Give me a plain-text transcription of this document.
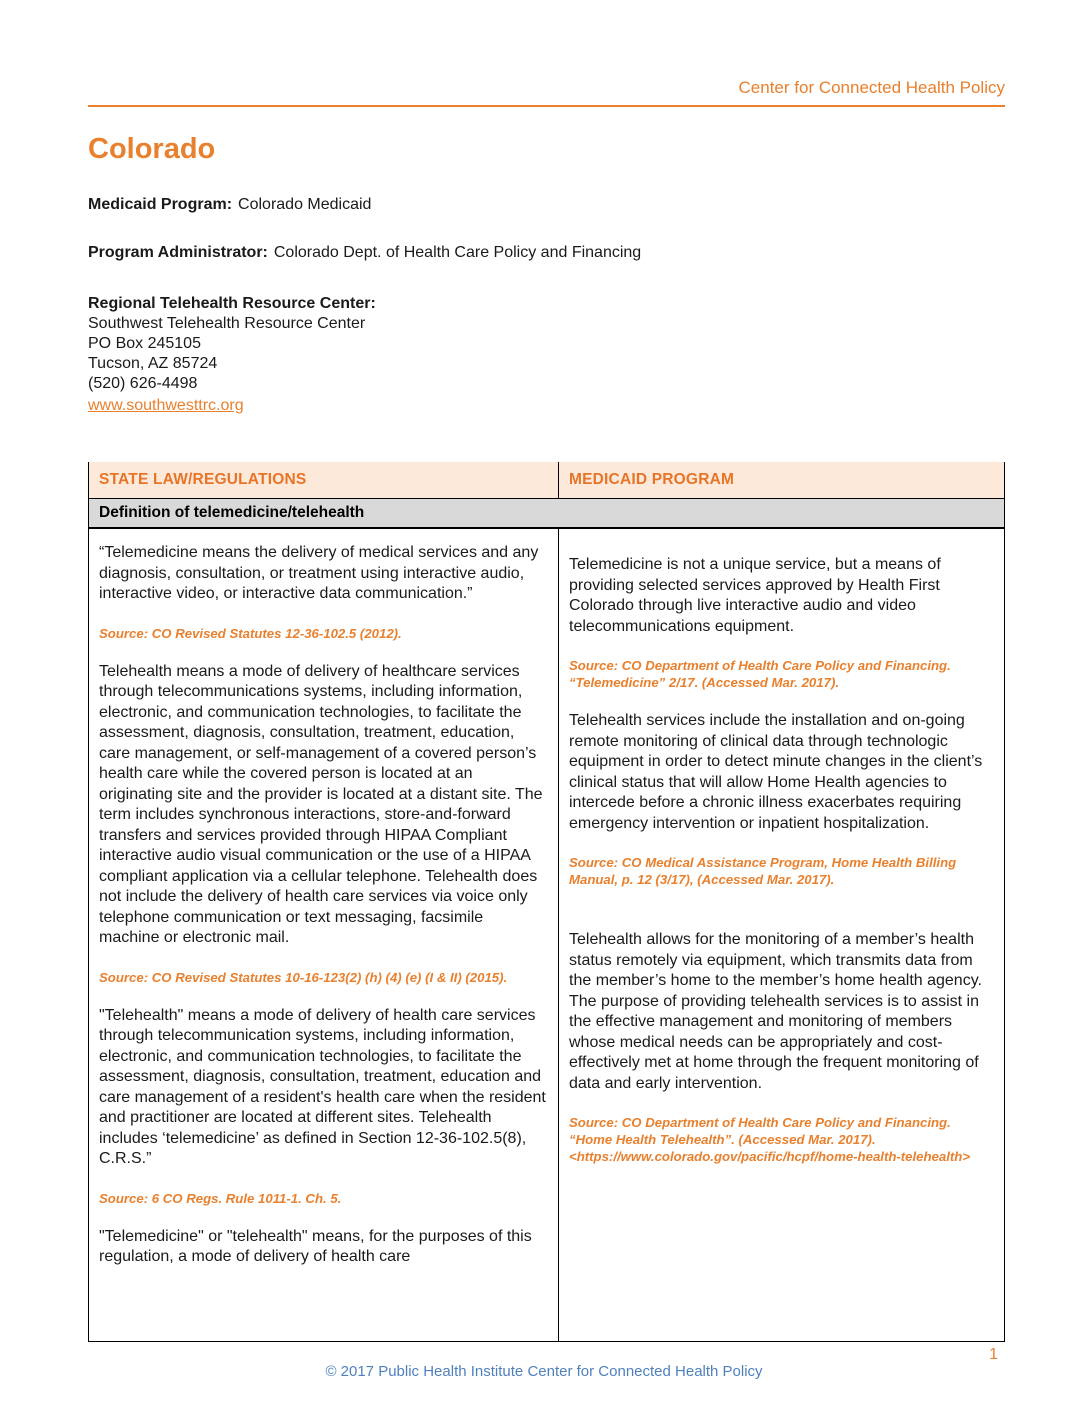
Center for Connected Health Policy
Colorado

Medicaid Program: Colorado Medicaid

Program Administrator: Colorado Dept. of Health Care Policy and Financing

Regional Telehealth Resource Center:
Southwest Telehealth Resource Center
PO Box 245105
Tucson, AZ 85724
(520) 626-4498
www.southwesttrc.org
STATE LAW/REGULATIONS	MEDICAID PROGRAM
Definition of telemedicine/telehealth

“Telemedicine means the delivery of medical services and any diagnosis, consultation, or treatment using interactive audio, interactive video, or interactive data communication.”

Source: CO Revised Statutes 12-36-102.5 (2012).

Telehealth means a mode of delivery of healthcare services through telecommunications systems, including information, electronic, and communication technologies, to facilitate the assessment, diagnosis, consultation, treatment, education, care management, or self-management of a covered person’s health care while the covered person is located at an originating site and the provider is located at a distant site. The term includes synchronous interactions, store-and-forward transfers and services provided through HIPAA Compliant interactive audio visual communication or the use of a HIPAA compliant application via a cellular telephone. Telehealth does not include the delivery of health care services via voice only telephone communication or text messaging, facsimile machine or electronic mail.

Source: CO Revised Statutes 10-16-123(2) (h) (4) (e) (I & II) (2015).

"Telehealth" means a mode of delivery of health care services through telecommunication systems, including information, electronic, and communication technologies, to facilitate the assessment, diagnosis, consultation, treatment, education and care management of a resident's health care when the resident and practitioner are located at different sites. Telehealth includes ‘telemedicine’ as defined in Section 12-36-102.5(8), C.R.S.”

Source: 6 CO Regs. Rule 1011-1. Ch. 5.

"Telemedicine" or "telehealth" means, for the purposes of this regulation, a mode of delivery of health care

Telemedicine is not a unique service, but a means of providing selected services approved by Health First Colorado through live interactive audio and video telecommunications equipment.

Source: CO Department of Health Care Policy and Financing. “Telemedicine” 2/17. (Accessed Mar. 2017).

Telehealth services include the installation and on-going remote monitoring of clinical data through technologic equipment in order to detect minute changes in the client’s clinical status that will allow Home Health agencies to intercede before a chronic illness exacerbates requiring emergency intervention or inpatient hospitalization.

Source: CO Medical Assistance Program, Home Health Billing Manual, p. 12 (3/17), (Accessed Mar. 2017).

Telehealth allows for the monitoring of a member’s health status remotely via equipment, which transmits data from the member’s home to the member’s home health agency. The purpose of providing telehealth services is to assist in the effective management and monitoring of members whose medical needs can be appropriately and cost-effectively met at home through the frequent monitoring of data and early intervention.

Source: CO Department of Health Care Policy and Financing. “Home Health Telehealth”. (Accessed Mar. 2017). <https://www.colorado.gov/pacific/hcpf/home-health-telehealth>

© 2017 Public Health Institute Center for Connected Health Policy
1
